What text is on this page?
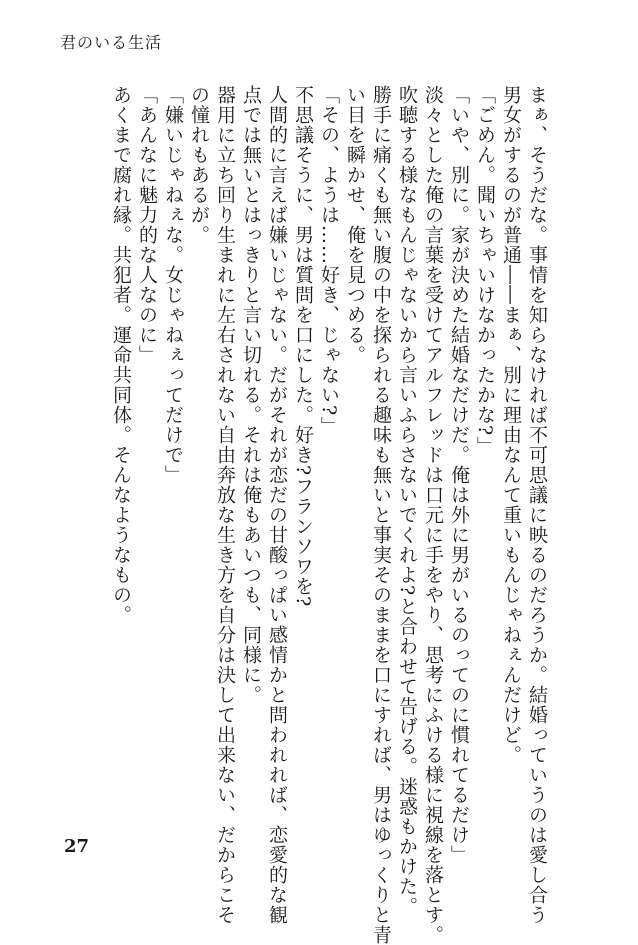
君のいる生活
まぁ、そうだな。事情を知らなければ不可思議に映るのだろうか。結婚っていうのは愛し合う
男女がするのが普通――まぁ、別に理由なんて重いもんじゃねぇんだけど。
「ごめん。聞いちゃいけなかったかな?」
「いや、別に。家が決めた結婚なだけだ。俺は外に男がいるのってのに慣れてるだけ」
淡々とした俺の言葉を受けてアルフレッドは口元に手をやり、思考にふける様に視線を落とす。
吹聴する様なもんじゃないから言いふらさないでくれよ?と合わせて告げる。迷惑もかけた。
勝手に痛くも無い腹の中を探られる趣味も無いと事実そのままを口にすれば、男はゆっくりと青
い目を瞬かせ、俺を見つめる。
「その、ようは……好き、じゃない?」
不思議そうに、男は質問を口にした。好き?フランソワを?
人間的に言えば嫌いじゃない。だがそれが恋だの甘酸っぱい感情かと問われれば、恋愛的な観
点では無いとはっきりと言い切れる。それは俺もあいつも、同様に。
器用に立ち回り生まれに左右されない自由奔放な生き方を自分は決して出来ない、だからこそ
の憧れもあるが。
「嫌いじゃねぇな。女じゃねぇってだけで」
「あんなに魅力的な人なのに」
あくまで腐れ縁。共犯者。運命共同体。そんなようなもの。
27
